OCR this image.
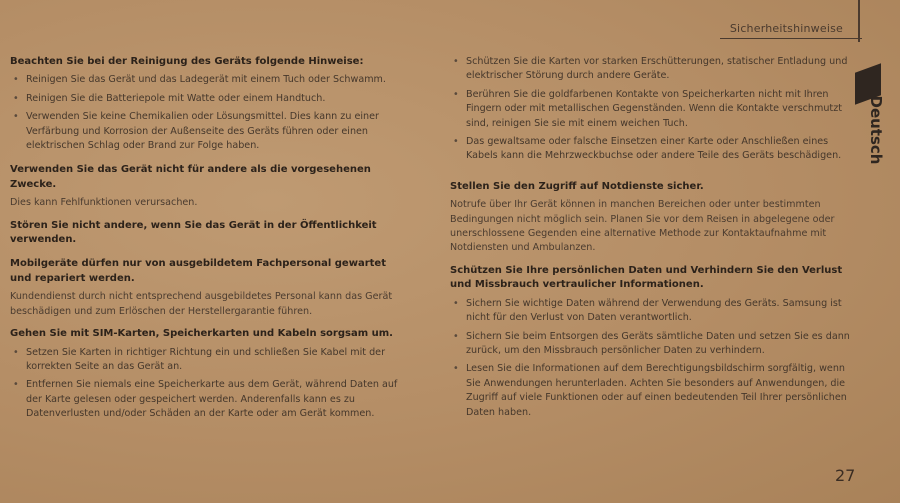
Sicherheitshinweise
Deutsch
Beachten Sie bei der Reinigung des Geräts folgende Hinweise:
• Reinigen Sie das Gerät und das Ladegerät mit einem Tuch oder Schwamm.
• Reinigen Sie die Batteriepole mit Watte oder einem Handtuch.
• Verwenden Sie keine Chemikalien oder Lösungsmittel. Dies kann zu einer Verfärbung und Korrosion der Außenseite des Geräts führen oder einen elektrischen Schlag oder Brand zur Folge haben.
Verwenden Sie das Gerät nicht für andere als die vorgesehenen Zwecke.
Dies kann Fehlfunktionen verursachen.
Stören Sie nicht andere, wenn Sie das Gerät in der Öffentlichkeit verwenden.
Mobilgeräte dürfen nur von ausgebildetem Fachpersonal gewartet und repariert werden.
Kundendienst durch nicht entsprechend ausgebildetes Personal kann das Gerät beschädigen und zum Erlöschen der Herstellergarantie führen.
Gehen Sie mit SIM-Karten, Speicherkarten und Kabeln sorgsam um.
• Setzen Sie Karten in richtiger Richtung ein und schließen Sie Kabel mit der korrekten Seite an das Gerät an.
• Entfernen Sie niemals eine Speicherkarte aus dem Gerät, während Daten auf der Karte gelesen oder gespeichert werden. Anderenfalls kann es zu Datenverlusten und/oder Schäden an der Karte oder am Gerät kommen.
• Schützen Sie die Karten vor starken Erschütterungen, statischer Entladung und elektrischer Störung durch andere Geräte.
• Berühren Sie die goldfarbenen Kontakte von Speicherkarten nicht mit Ihren Fingern oder mit metallischen Gegenständen. Wenn die Kontakte verschmutzt sind, reinigen Sie sie mit einem weichen Tuch.
• Das gewaltsame oder falsche Einsetzen einer Karte oder Anschließen eines Kabels kann die Mehrzweckbuchse oder andere Teile des Geräts beschädigen.
Stellen Sie den Zugriff auf Notdienste sicher.
Notrufe über Ihr Gerät können in manchen Bereichen oder unter bestimmten Bedingungen nicht möglich sein. Planen Sie vor dem Reisen in abgelegene oder unerschlossene Gegenden eine alternative Methode zur Kontaktaufnahme mit Notdiensten und Ambulanzen.
Schützen Sie Ihre persönlichen Daten und Verhindern Sie den Verlust und Missbrauch vertraulicher Informationen.
• Sichern Sie wichtige Daten während der Verwendung des Geräts. Samsung ist nicht für den Verlust von Daten verantwortlich.
• Sichern Sie beim Entsorgen des Geräts sämtliche Daten und setzen Sie es dann zurück, um den Missbrauch persönlicher Daten zu verhindern.
• Lesen Sie die Informationen auf dem Berechtigungsbildschirm sorgfältig, wenn Sie Anwendungen herunterladen. Achten Sie besonders auf Anwendungen, die Zugriff auf viele Funktionen oder auf einen bedeutenden Teil Ihrer persönlichen Daten haben.
27
